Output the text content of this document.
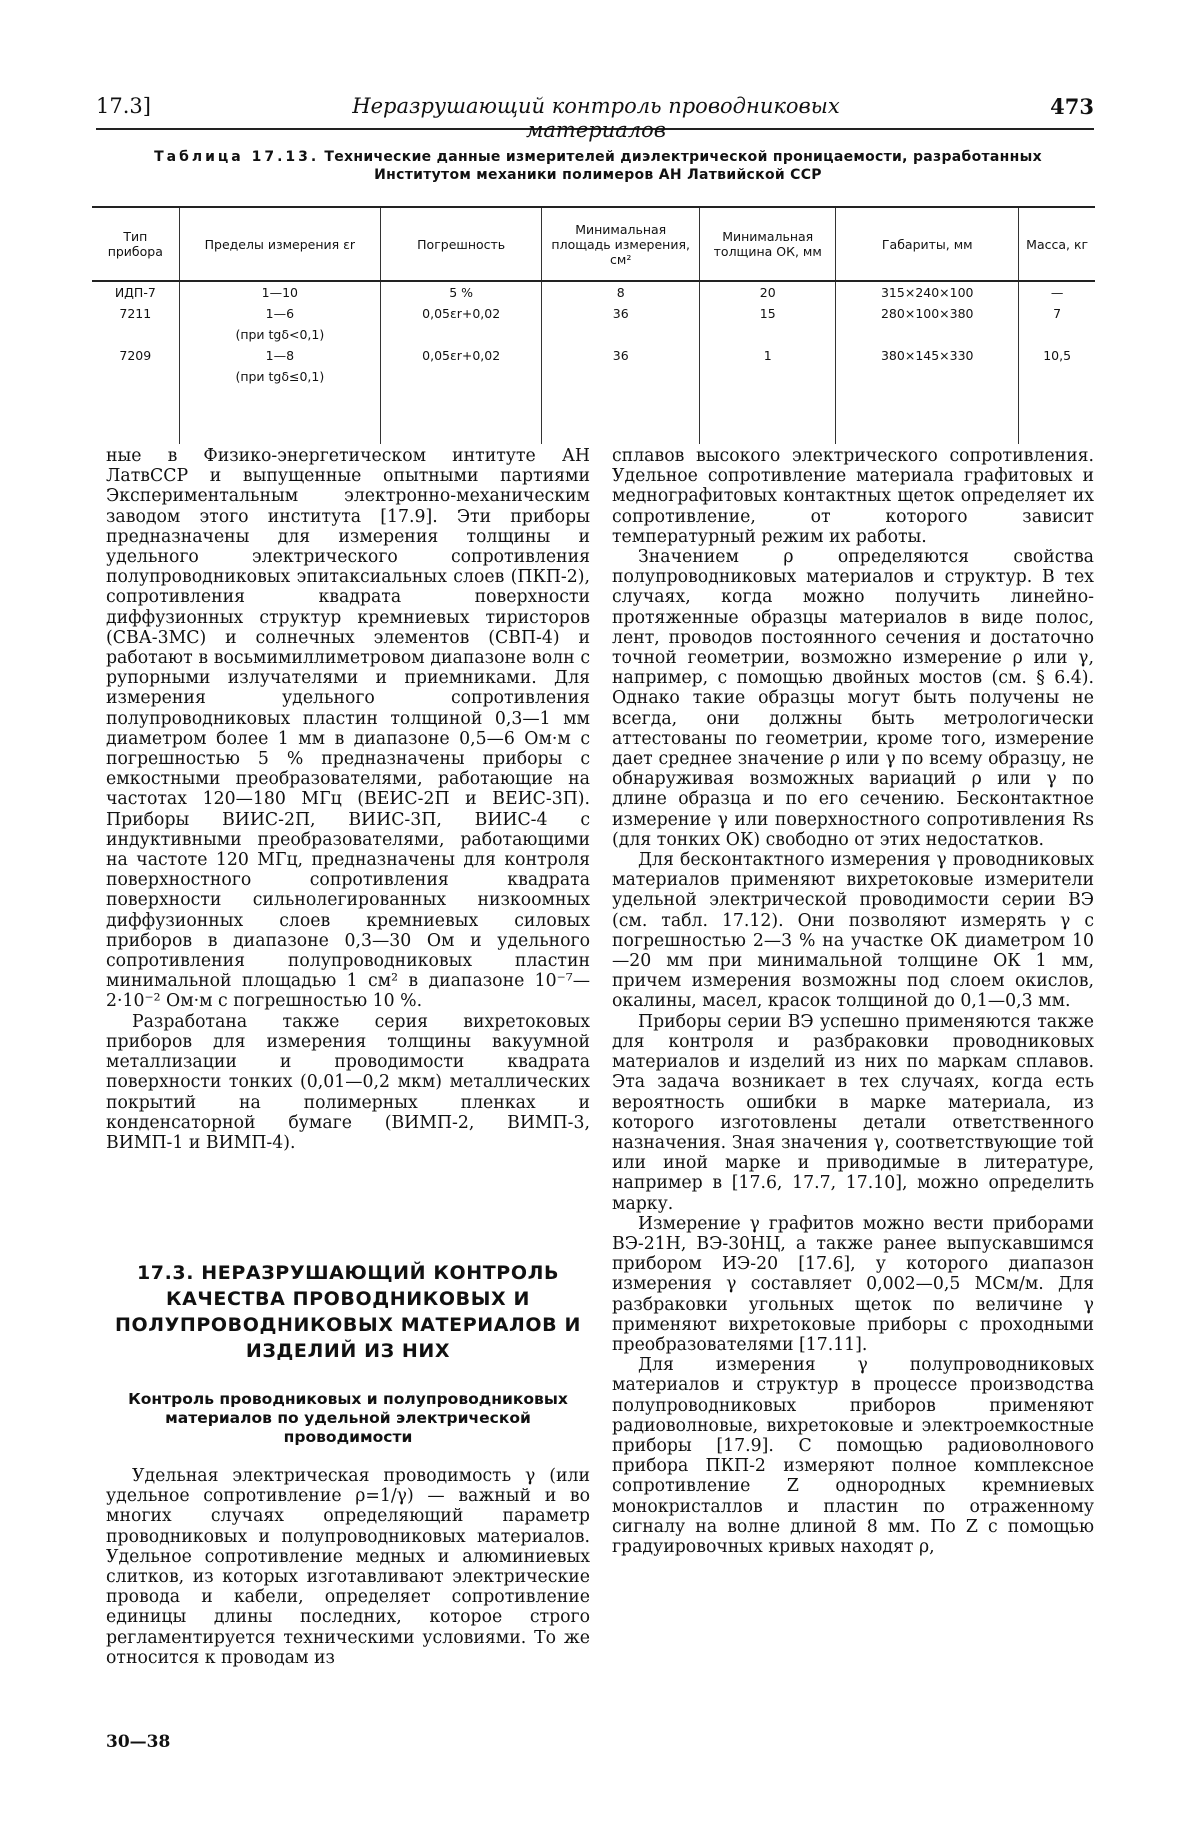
17.3]	Неразрушающий контроль проводниковых материалов
473
Таблица 17.13. Технические данные измерителей диэлектрической проницаемости, разработанных Институтом механики полимеров АН Латвийской ССР
Тип прибора	Пределы измерения εr	Погрешность	Минимальная площадь измерения, см²	Минимальная толщина ОК, мм	Габариты, мм	Масса, кг
ИДП-7	1—10	5 %	8	20	315×240×100	—
7211	1—6	0,05εr+0,02	36	15	280×100×380	7
	(при tgδ<0,1)					
7209	1—8	0,05εr+0,02	36	1	380×145×330	10,5
	(при tgδ≤0,1)					

ные в Физико-энергетическом интитуте АН ЛатвССР и выпущенные опытными партиями Экспериментальным электронно-механическим заводом этого института [17.9]. Эти приборы предназначены для измерения толщины и удельного электрического сопротивления полупроводниковых эпитаксиальных слоев (ПКП-2), сопротивления квадрата поверхности диффузионных структур кремниевых тиристоров (СВА-3МС) и солнечных элементов (СВП-4) и работают в восьмимиллиметровом диапазоне волн с рупорными излучателями и приемниками. Для измерения удельного сопротивления полупроводниковых пластин толщиной 0,3—1 мм диаметром более 1 мм в диапазоне 0,5—6 Ом·м с погрешностью 5 % предназначены приборы с емкостными преобразователями, работающие на частотах 120—180 МГц (ВЕИС-2П и ВЕИС-3П). Приборы ВИИС-2П, ВИИС-3П, ВИИС-4 с индуктивными преобразователями, работающими на частоте 120 МГц, предназначены для контроля поверхностного сопротивления квадрата поверхности сильнолегированных низкоомных диффузионных слоев кремниевых силовых приборов в диапазоне 0,3—30 Ом и удельного сопротивления полупроводниковых пластин минимальной площадью 1 см² в диапазоне 10⁻⁷—2·10⁻² Ом·м с погрешностью 10 %.

Разработана также серия вихретоковых приборов для измерения толщины вакуумной металлизации и проводимости квадрата поверхности тонких (0,01—0,2 мкм) металлических покрытий на полимерных пленках и конденсаторной бумаге (ВИМП-2, ВИМП-3, ВИМП-1 и ВИМП-4).

17.3. НЕРАЗРУШАЮЩИЙ КОНТРОЛЬ КАЧЕСТВА ПРОВОДНИКОВЫХ И ПОЛУПРОВОДНИКОВЫХ МАТЕРИАЛОВ И ИЗДЕЛИЙ ИЗ НИХ
Контроль проводниковых и полупроводниковых материалов по удельной электрической проводимости

Удельная электрическая проводимость γ (или удельное сопротивление ρ=1/γ) — важный и во многих случаях определяющий параметр проводниковых и полупроводниковых материалов. Удельное сопротивление медных и алюминиевых слитков, из которых изготавливают электрические провода и кабели, определяет сопротивление единицы длины последних, которое строго регламентируется техническими условиями. То же относится к проводам из

30—38

сплавов высокого электрического сопротивления. Удельное сопротивление материала графитовых и меднографитовых контактных щеток определяет их сопротивление, от которого зависит температурный режим их работы.

Значением ρ определяются свойства полупроводниковых материалов и структур. В тех случаях, когда можно получить линейно-протяженные образцы материалов в виде полос, лент, проводов постоянного сечения и достаточно точной геометрии, возможно измерение ρ или γ, например, с помощью двойных мостов (см. § 6.4). Однако такие образцы могут быть получены не всегда, они должны быть метрологически аттестованы по геометрии, кроме того, измерение дает среднее значение ρ или γ по всему образцу, не обнаруживая возможных вариаций ρ или γ по длине образца и по его сечению. Бесконтактное измерение γ или поверхностного сопротивления Rs (для тонких ОК) свободно от этих недостатков.

Для бесконтактного измерения γ проводниковых материалов применяют вихретоковые измерители удельной электрической проводимости серии ВЭ (см. табл. 17.12). Они позволяют измерять γ с погрешностью 2—3 % на участке ОК диаметром 10—20 мм при минимальной толщине ОК 1 мм, причем измерения возможны под слоем окислов, окалины, масел, красок толщиной до 0,1—0,3 мм.

Приборы серии ВЭ успешно применяются также для контроля и разбраковки проводниковых материалов и изделий из них по маркам сплавов. Эта задача возникает в тех случаях, когда есть вероятность ошибки в марке материала, из которого изготовлены детали ответственного назначения. Зная значения γ, соответствующие той или иной марке и приводимые в литературе, например в [17.6, 17.7, 17.10], можно определить марку.

Измерение γ графитов можно вести приборами ВЭ-21Н, ВЭ-30НЦ, а также ранее выпускавшимся прибором ИЭ-20 [17.6], у которого диапазон измерения γ составляет 0,002—0,5 МСм/м. Для разбраковки угольных щеток по величине γ применяют вихретоковые приборы с проходными преобразователями [17.11].

Для измерения γ полупроводниковых материалов и структур в процессе производства полупроводниковых приборов применяют радиоволновые, вихретоковые и электроемкостные приборы [17.9]. С помощью радиоволнового прибора ПКП-2 измеряют полное комплексное сопротивление Z однородных кремниевых монокристаллов и пластин по отраженному сигналу на волне длиной 8 мм. По Z с помощью градуировочных кривых находят ρ,
